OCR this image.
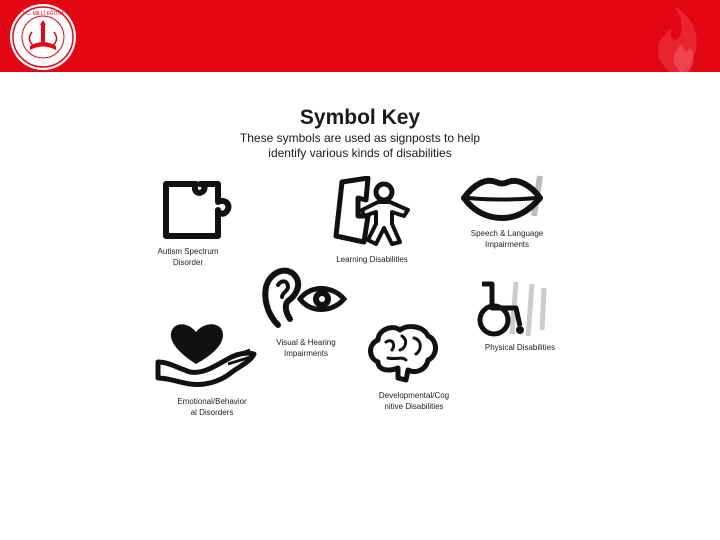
T.C. MİLLİ EĞİTİM
Symbol Key
These symbols are used as signposts to help identify various kinds of disabilities
Autism Spectrum
Disorder	Learning Disabilities
Speech & Language
Impairments
Visual & Hearing
Impairments
Physical Disabilities
Emotional/Behavior
al Disorders
Developmental/Cog
nitive Disabilities
